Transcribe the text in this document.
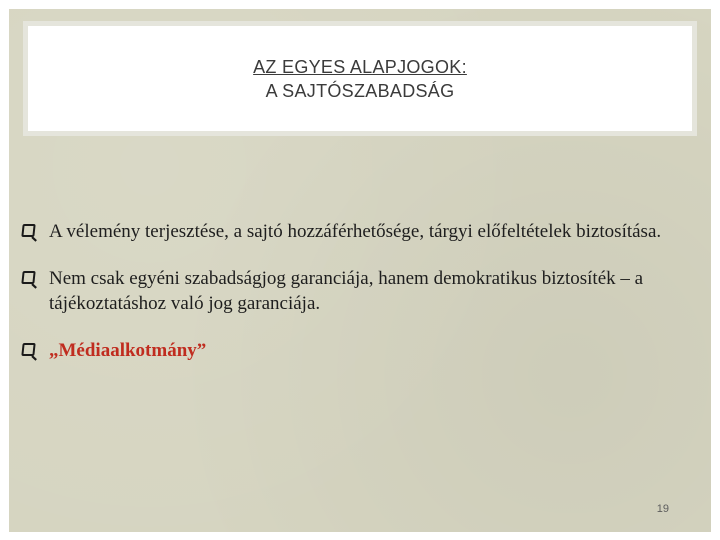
AZ EGYES ALAPJOGOK:
A SAJTÓSZABADSÁG
A vélemény terjesztése, a sajtó hozzáférhetősége, tárgyi előfeltételek biztosítása.
Nem csak egyéni szabadságjog garanciája, hanem demokratikus biztosíték – a tájékoztatáshoz való jog garanciája.
„Médiaalkotmány”
19
